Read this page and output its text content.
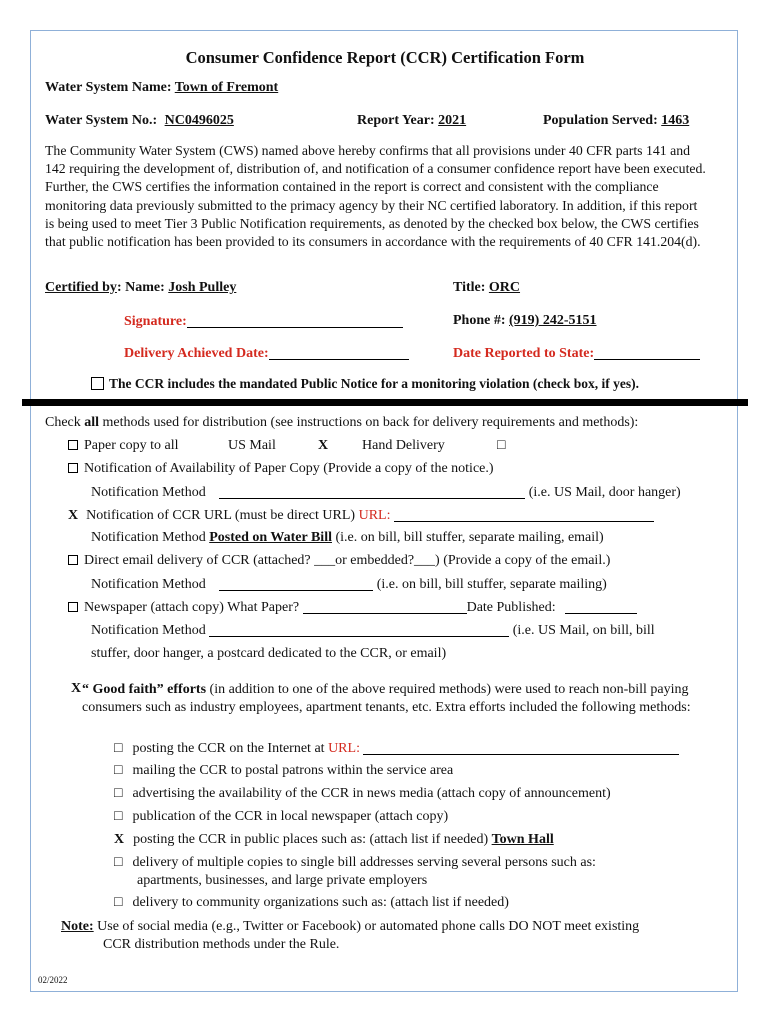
Consumer Confidence Report (CCR) Certification Form
Water System Name: Town of Fremont
Water System No.: NC0496025	Report Year: 2021	Population Served: 1463
The Community Water System (CWS) named above hereby confirms that all provisions under 40 CFR parts 141 and 142 requiring the development of, distribution of, and notification of a consumer confidence report have been executed. Further, the CWS certifies the information contained in the report is correct and consistent with the compliance monitoring data previously submitted to the primacy agency by their NC certified laboratory. In addition, if this report is being used to meet Tier 3 Public Notification requirements, as denoted by the checked box below, the CWS certifies that public notification has been provided to its consumers in accordance with the requirements of 40 CFR 141.204(d).
Certified by: Name: Josh Pulley	Title: ORC
Signature:	Phone #: (919) 242-5151
Delivery Achieved Date:	Date Reported to State:
The CCR includes the mandated Public Notice for a monitoring violation (check box, if yes).
Check all methods used for distribution (see instructions on back for delivery requirements and methods):
Paper copy to all	US Mail	X Hand Delivery	□
Notification of Availability of Paper Copy (Provide a copy of the notice.)
Notification Method	(i.e. US Mail, door hanger)
X Notification of CCR URL (must be direct URL) URL:
Notification Method Posted on Water Bill (i.e. on bill, bill stuffer, separate mailing, email)
Direct email delivery of CCR (attached? ___or embedded?___) (Provide a copy of the email.)
Notification Method	(i.e. on bill, bill stuffer, separate mailing)
Newspaper (attach copy) What Paper?	Date Published:
Notification Method	(i.e. US Mail, on bill, bill
stuffer, door hanger, a postcard dedicated to the CCR, or email)
X “ Good faith” efforts (in addition to one of the above required methods) were used to reach non-bill paying consumers such as industry employees, apartment tenants, etc. Extra efforts included the following methods:
□ posting the CCR on the Internet at URL:
□ mailing the CCR to postal patrons within the service area
□ advertising the availability of the CCR in news media (attach copy of announcement)
□ publication of the CCR in local newspaper (attach copy)
X posting the CCR in public places such as: (attach list if needed) Town Hall
□ delivery of multiple copies to single bill addresses serving several persons such as:
apartments, businesses, and large private employers
□ delivery to community organizations such as: (attach list if needed)
Note: Use of social media (e.g., Twitter or Facebook) or automated phone calls DO NOT meet existing
CCR distribution methods under the Rule.
02/2022
